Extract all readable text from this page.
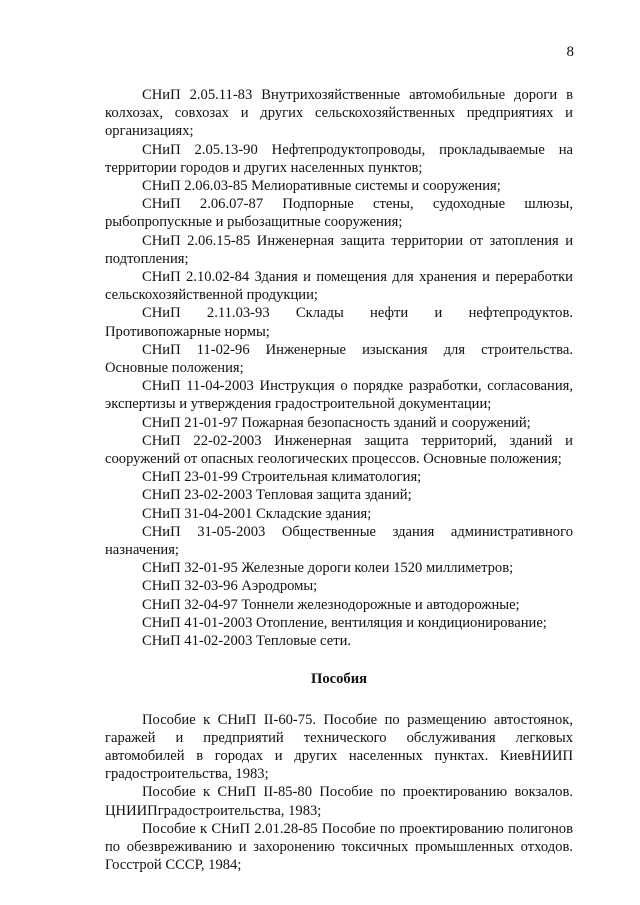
8

СНиП 2.05.11-83 Внутрихозяйственные автомобильные дороги в колхозах, совхозах и других сельскохозяйственных предприятиях и организациях;

СНиП 2.05.13-90 Нефтепродуктопроводы, прокладываемые на территории городов и других населенных пунктов;

СНиП 2.06.03-85 Мелиоративные системы и сооружения;

СНиП 2.06.07-87 Подпорные стены, судоходные шлюзы, рыбопропускные и рыбозащитные сооружения;

СНиП 2.06.15-85 Инженерная защита территории от затопления и подтопления;

СНиП 2.10.02-84 Здания и помещения для хранения и переработки сельскохозяйственной продукции;

СНиП 2.11.03-93 Склады нефти и нефтепродуктов. Противопожарные нормы;

СНиП 11-02-96 Инженерные изыскания для строительства. Основные положения;

СНиП 11-04-2003 Инструкция о порядке разработки, согласования, экспертизы и утверждения градостроительной документации;

СНиП 21-01-97 Пожарная безопасность зданий и сооружений;

СНиП 22-02-2003 Инженерная защита территорий, зданий и сооружений от опасных геологических процессов. Основные положения;

СНиП 23-01-99 Строительная климатология;

СНиП 23-02-2003 Тепловая защита зданий;

СНиП 31-04-2001 Складские здания;

СНиП 31-05-2003 Общественные здания административного назначения;

СНиП 32-01-95 Железные дороги колеи 1520 миллиметров;

СНиП 32-03-96 Аэродромы;

СНиП 32-04-97 Тоннели железнодорожные и автодорожные;

СНиП 41-01-2003 Отопление, вентиляция и кондиционирование;

СНиП 41-02-2003 Тепловые сети.

Пособия

Пособие к СНиП II-60-75. Пособие по размещению автостоянок, гаражей и предприятий технического обслуживания легковых автомобилей в городах и других населенных пунктах. КиевНИИП градостроительства, 1983;

Пособие к СНиП II-85-80 Пособие по проектированию вокзалов. ЦНИИПградостроительства, 1983;

Пособие к СНиП 2.01.28-85 Пособие по проектированию полигонов по обезвреживанию и захоронению токсичных промышленных отходов. Госстрой СССР, 1984;
